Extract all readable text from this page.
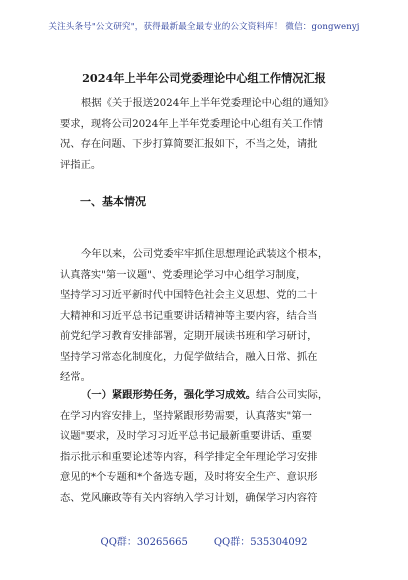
关注头条号"公文研究"，获得最新最全最专业的公文资料库！ 微信：gongwenyj
2024年上半年公司党委理论中心组工作情况汇报
根据《关于报送2024年上半年党委理论中心组的通知》
要求，现将公司2024年上半年党委理论中心组有关工作情
况、存在问题、下步打算简要汇报如下，不当之处，请批
评指正。
一、基本情况
今年以来，公司党委牢牢抓住思想理论武装这个根本，
认真落实"第一议题"、党委理论学习中心组学习制度，
坚持学习习近平新时代中国特色社会主义思想、党的二十
大精神和习近平总书记重要讲话精神等主要内容，结合当
前党纪学习教育安排部署，定期开展读书班和学习研讨，
坚持学习常态化制度化，力促学做结合，融入日常、抓在
经常。
（一）紧跟形势任务，强化学习成效。结合公司实际，
在学习内容安排上，坚持紧跟形势需要，认真落实"第一
议题"要求，及时学习习近平总书记最新重要讲话、重要
指示批示和重要论述等内容，科学排定全年理论学习安排
意见的*个专题和*个备选专题，及时将安全生产、意识形
态、党风廉政等有关内容纳入学习计划，确保学习内容符
QQ群：30265665	QQ群：535304092
